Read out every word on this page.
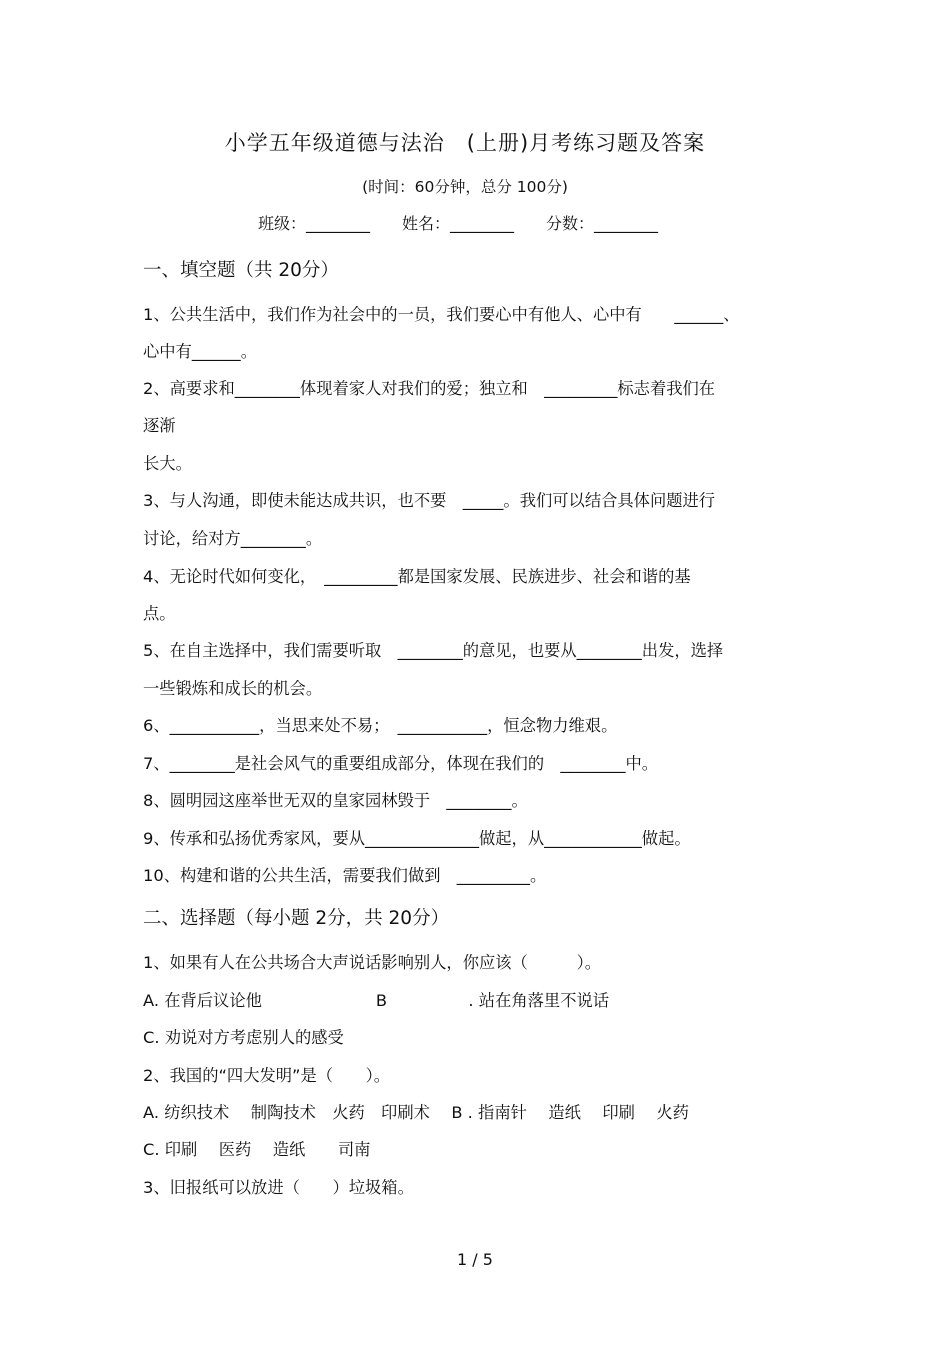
小学五年级道德与法治　(上册)月考练习题及答案
(时间：60分钟，总分 100分)
班级：________　　姓名：________　　分数：________
一、填空题（共 20分）
1、公共生活中，我们作为社会中的一员，我们要心中有他人、心中有　　______、
心中有______。
2、高要求和________体现着家人对我们的爱；独立和　_________标志着我们在
逐渐
长大。
3、与人沟通，即使未能达成共识，也不要　_____。我们可以结合具体问题进行
讨论，给对方________。
4、无论时代如何变化，　_________都是国家发展、民族进步、社会和谐的基
点。
5、在自主选择中，我们需要听取　________的意见，也要从________出发，选择
一些锻炼和成长的机会。
6、___________，当思来处不易；　___________，恒念物力维艰。
7、________是社会风气的重要组成部分，体现在我们的　________中。
8、圆明园这座举世无双的皇家园林毁于　________。
9、传承和弘扬优秀家风，要从______________做起，从____________做起。
10、构建和谐的公共生活，需要我们做到　_________。
二、选择题（每小题 2分，共 20分）
1、如果有人在公共场合大声说话影响别人，你应该（　　　）。
A. 在背后议论他　　　　　　　B　　　　　. 站在角落里不说话
C. 劝说对方考虑别人的感受
2、我国的“四大发明”是（　　）。
A. 纺织技术　 制陶技术　火药　印刷术　 B . 指南针　 造纸　 印刷　 火药
C. 印刷　 医药　 造纸　　司南
3、旧报纸可以放进（　　）垃圾箱。
1 / 5
